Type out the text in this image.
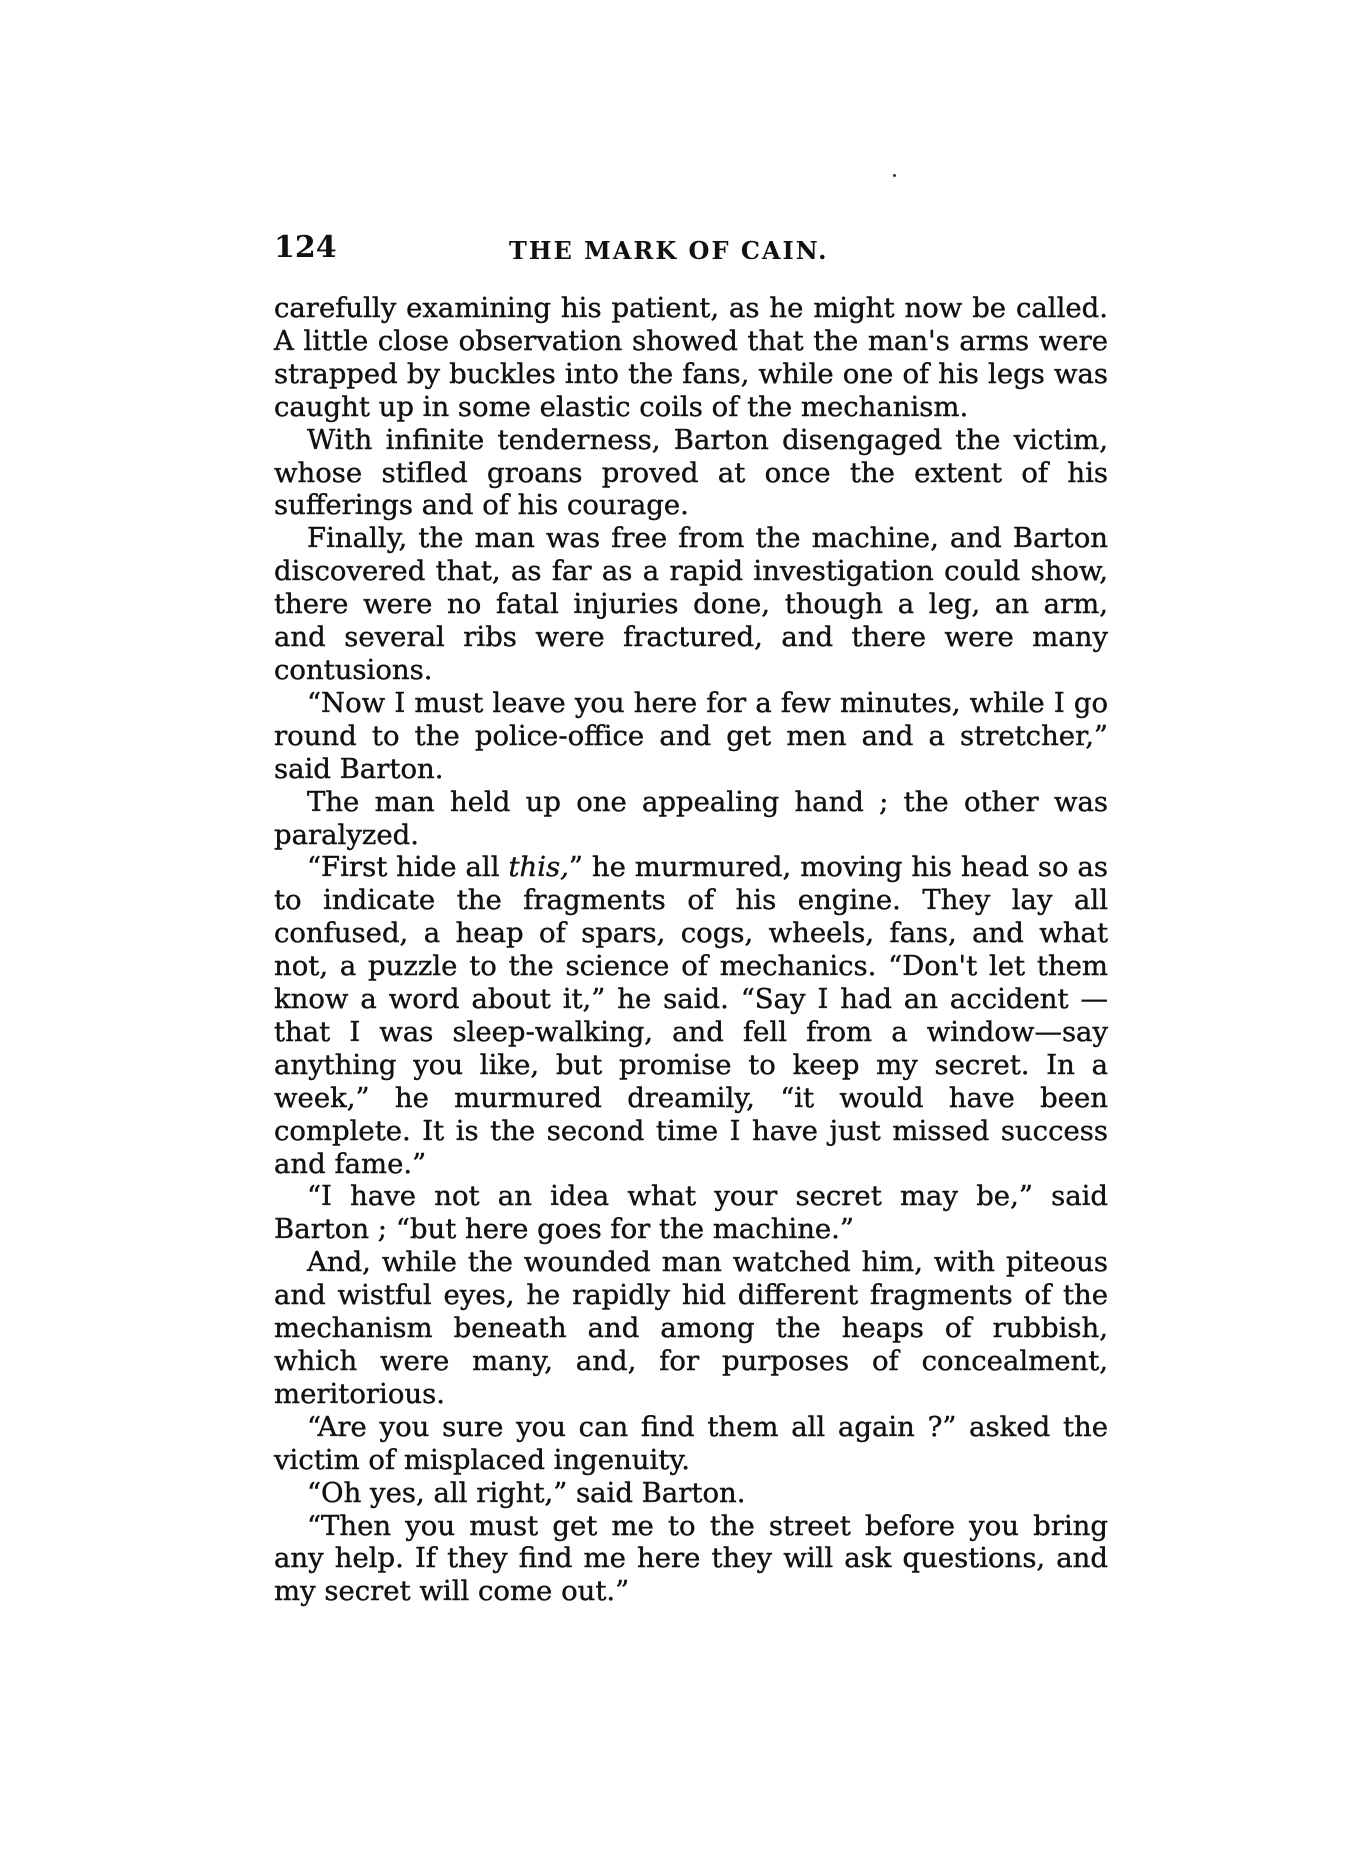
124	THE MARK OF CAIN.

carefully examining his patient, as he might now be called. A little close observation showed that the man's arms were strapped by buckles into the fans, while one of his legs was caught up in some elastic coils of the mechanism.

With infinite tenderness, Barton disengaged the victim, whose stifled groans proved at once the extent of his sufferings and of his courage.

Finally, the man was free from the machine, and Barton discovered that, as far as a rapid investigation could show, there were no fatal injuries done, though a leg, an arm, and several ribs were fractured, and there were many contusions.

“Now I must leave you here for a few minutes, while I go round to the police-office and get men and a stretcher,” said Barton.

The man held up one appealing hand ; the other was paralyzed.

“First hide all this,” he murmured, moving his head so as to indicate the fragments of his engine. They lay all confused, a heap of spars, cogs, wheels, fans, and what not, a puzzle to the science of mechanics. “Don't let them know a word about it,” he said. “Say I had an accident —that I was sleep-walking, and fell from a window—say anything you like, but promise to keep my secret. In a week,” he murmured dreamily, “it would have been complete. It is the second time I have just missed success and fame.”

“I have not an idea what your secret may be,” said Barton ; “but here goes for the machine.”

And, while the wounded man watched him, with piteous and wistful eyes, he rapidly hid different fragments of the mechanism beneath and among the heaps of rubbish, which were many, and, for purposes of concealment, meritorious.

“Are you sure you can find them all again ?” asked the victim of misplaced ingenuity.

“Oh yes, all right,” said Barton.

“Then you must get me to the street before you bring any help. If they find me here they will ask questions, and my secret will come out.”
